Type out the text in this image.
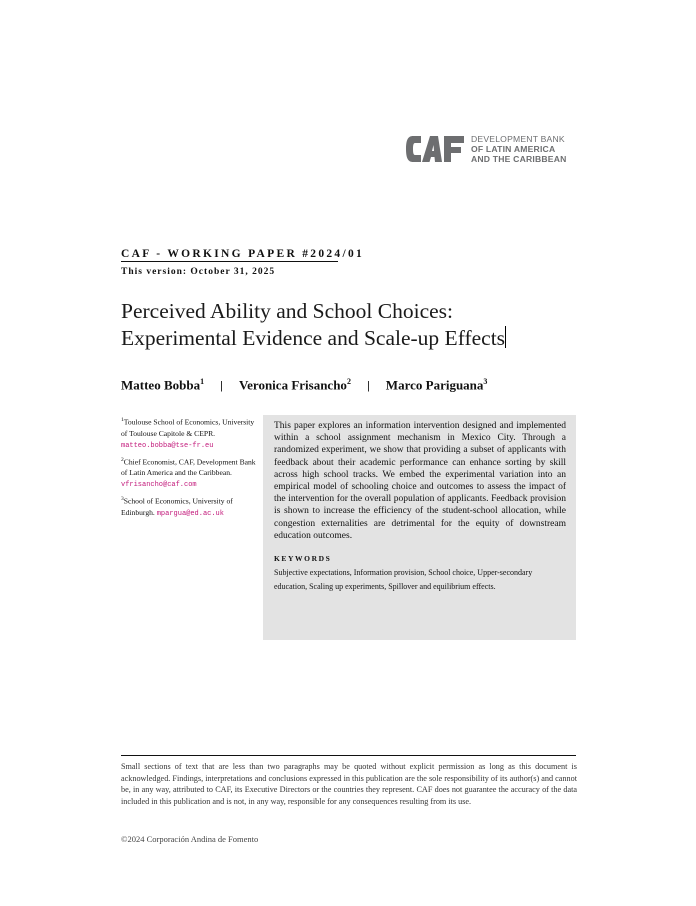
DEVELOPMENT BANK
OF LATIN AMERICA
AND THE CARIBBEAN
CAF - WORKING PAPER #2024/01
This version: October 31, 2025
Perceived Ability and School Choices:
Experimental Evidence and Scale-up Effects
Matteo Bobba$^1$ | Veronica Frisancho$^2$ | Marco Pariguana$^3$
$^1$Toulouse School of Economics, University of Toulouse Capitole & CEPR. matteo.bobba@tse-fr.eu
$^2$Chief Economist, CAF, Development Bank of Latin America and the Caribbean.
vfrisancho@caf.com
$^3$School of Economics, University of Edinburgh. mpargua@ed.ac.uk

This paper explores an information intervention designed and implemented within a school assignment mechanism in Mexico City. Through a randomized experiment, we show that providing a subset of applicants with feedback about their academic performance can enhance sorting by skill across high school tracks. We embed the experimental variation into an empirical model of schooling choice and outcomes to assess the impact of the intervention for the overall population of applicants. Feedback provision is shown to increase the efficiency of the student-school allocation, while congestion externalities are detrimental for the equity of downstream education outcomes.

KEYWORDS
Subjective expectations, Information provision, School choice, Upper-secondary education, Scaling up experiments, Spillover and equilibrium effects.

Small sections of text that are less than two paragraphs may be quoted without explicit permission as long as this document is acknowledged. Findings, interpretations and conclusions expressed in this publication are the sole responsibility of its author(s) and cannot be, in any way, attributed to CAF, its Executive Directors or the countries they represent. CAF does not guarantee the accuracy of the data included in this publication and is not, in any way, responsible for any consequences resulting from its use.

©2024 Corporación Andina de Fomento
